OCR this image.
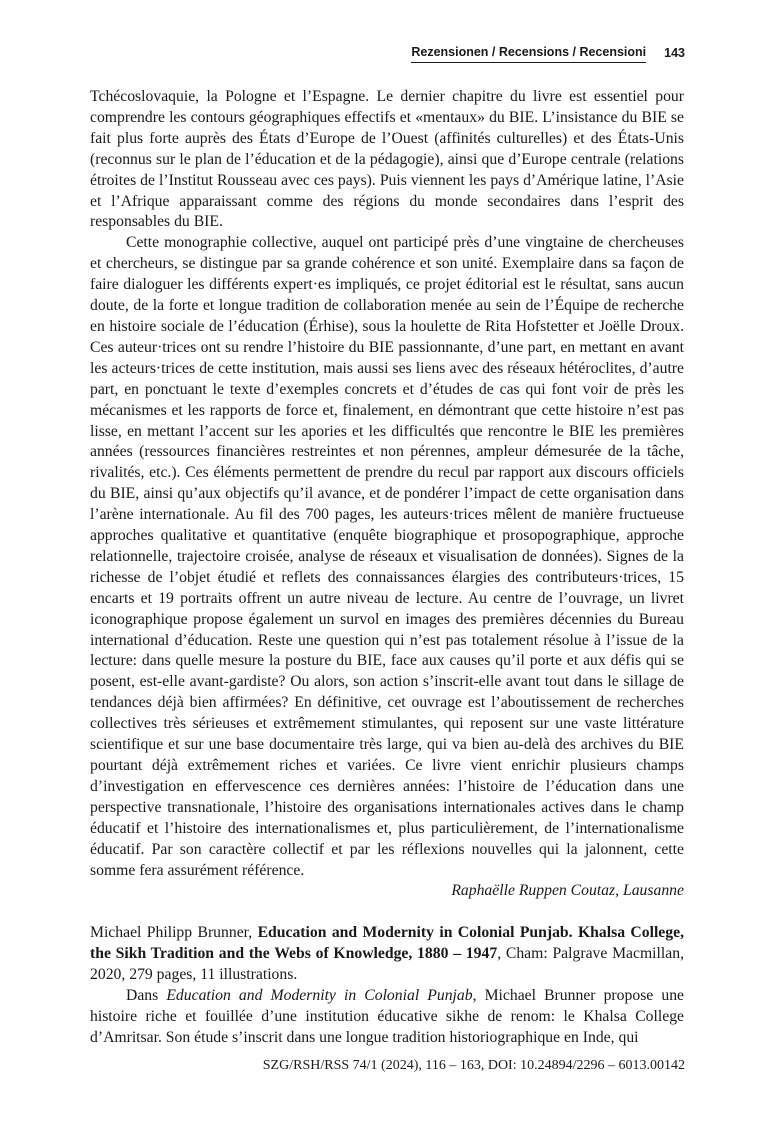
Rezensionen / Recensions / Recensioni 143

Tchécoslovaquie, la Pologne et l’Espagne. Le dernier chapitre du livre est essentiel pour comprendre les contours géographiques effectifs et «mentaux» du BIE. L’insistance du BIE se fait plus forte auprès des États d’Europe de l’Ouest (affinités culturelles) et des États-Unis (reconnus sur le plan de l’éducation et de la pédagogie), ainsi que d’Europe centrale (relations étroites de l’Institut Rousseau avec ces pays). Puis viennent les pays d’Amérique latine, l’Asie et l’Afrique apparaissant comme des régions du monde secondaires dans l’esprit des responsables du BIE.

Cette monographie collective, auquel ont participé près d’une vingtaine de chercheuses et chercheurs, se distingue par sa grande cohérence et son unité. Exemplaire dans sa façon de faire dialoguer les différents expert·es impliqués, ce projet éditorial est le résultat, sans aucun doute, de la forte et longue tradition de collaboration menée au sein de l’Équipe de recherche en histoire sociale de l’éducation (Érhise), sous la houlette de Rita Hofstetter et Joëlle Droux. Ces auteur·trices ont su rendre l’histoire du BIE passionnante, d’une part, en mettant en avant les acteurs·trices de cette institution, mais aussi ses liens avec des réseaux hétéroclites, d’autre part, en ponctuant le texte d’exemples concrets et d’études de cas qui font voir de près les mécanismes et les rapports de force et, finalement, en démontrant que cette histoire n’est pas lisse, en mettant l’accent sur les apories et les difficultés que rencontre le BIE les premières années (ressources financières restreintes et non pérennes, ampleur démesurée de la tâche, rivalités, etc.). Ces éléments permettent de prendre du recul par rapport aux discours officiels du BIE, ainsi qu’aux objectifs qu’il avance, et de pondérer l’impact de cette organisation dans l’arène internationale. Au fil des 700 pages, les auteurs·trices mêlent de manière fructueuse approches qualitative et quantitative (enquête biographique et prosopographique, approche relationnelle, trajectoire croisée, analyse de réseaux et visualisation de données). Signes de la richesse de l’objet étudié et reflets des connaissances élargies des contributeurs·trices, 15 encarts et 19 portraits offrent un autre niveau de lecture. Au centre de l’ouvrage, un livret iconographique propose également un survol en images des premières décennies du Bureau international d’éducation. Reste une question qui n’est pas totalement résolue à l’issue de la lecture: dans quelle mesure la posture du BIE, face aux causes qu’il porte et aux défis qui se posent, est-elle avant-gardiste? Ou alors, son action s’inscrit-elle avant tout dans le sillage de tendances déjà bien affirmées? En définitive, cet ouvrage est l’aboutissement de recherches collectives très sérieuses et extrêmement stimulantes, qui reposent sur une vaste littérature scientifique et sur une base documentaire très large, qui va bien au-delà des archives du BIE pourtant déjà extrêmement riches et variées. Ce livre vient enrichir plusieurs champs d’investigation en effervescence ces dernières années: l’histoire de l’éducation dans une perspective transnationale, l’histoire des organisations internationales actives dans le champ éducatif et l’histoire des internationalismes et, plus particulièrement, de l’internationalisme éducatif. Par son caractère collectif et par les réflexions nouvelles qui la jalonnent, cette somme fera assurément référence.

Raphaëlle Ruppen Coutaz, Lausanne

Michael Philipp Brunner, Education and Modernity in Colonial Punjab. Khalsa College, the Sikh Tradition and the Webs of Knowledge, 1880 – 1947, Cham: Palgrave Macmillan, 2020, 279 pages, 11 illustrations.

Dans Education and Modernity in Colonial Punjab, Michael Brunner propose une histoire riche et fouillée d’une institution éducative sikhe de renom: le Khalsa College d’Amritsar. Son étude s’inscrit dans une longue tradition historiographique en Inde, qui

SZG/RSH/RSS 74/1 (2024), 116 – 163, DOI: 10.24894/2296 – 6013.00142
